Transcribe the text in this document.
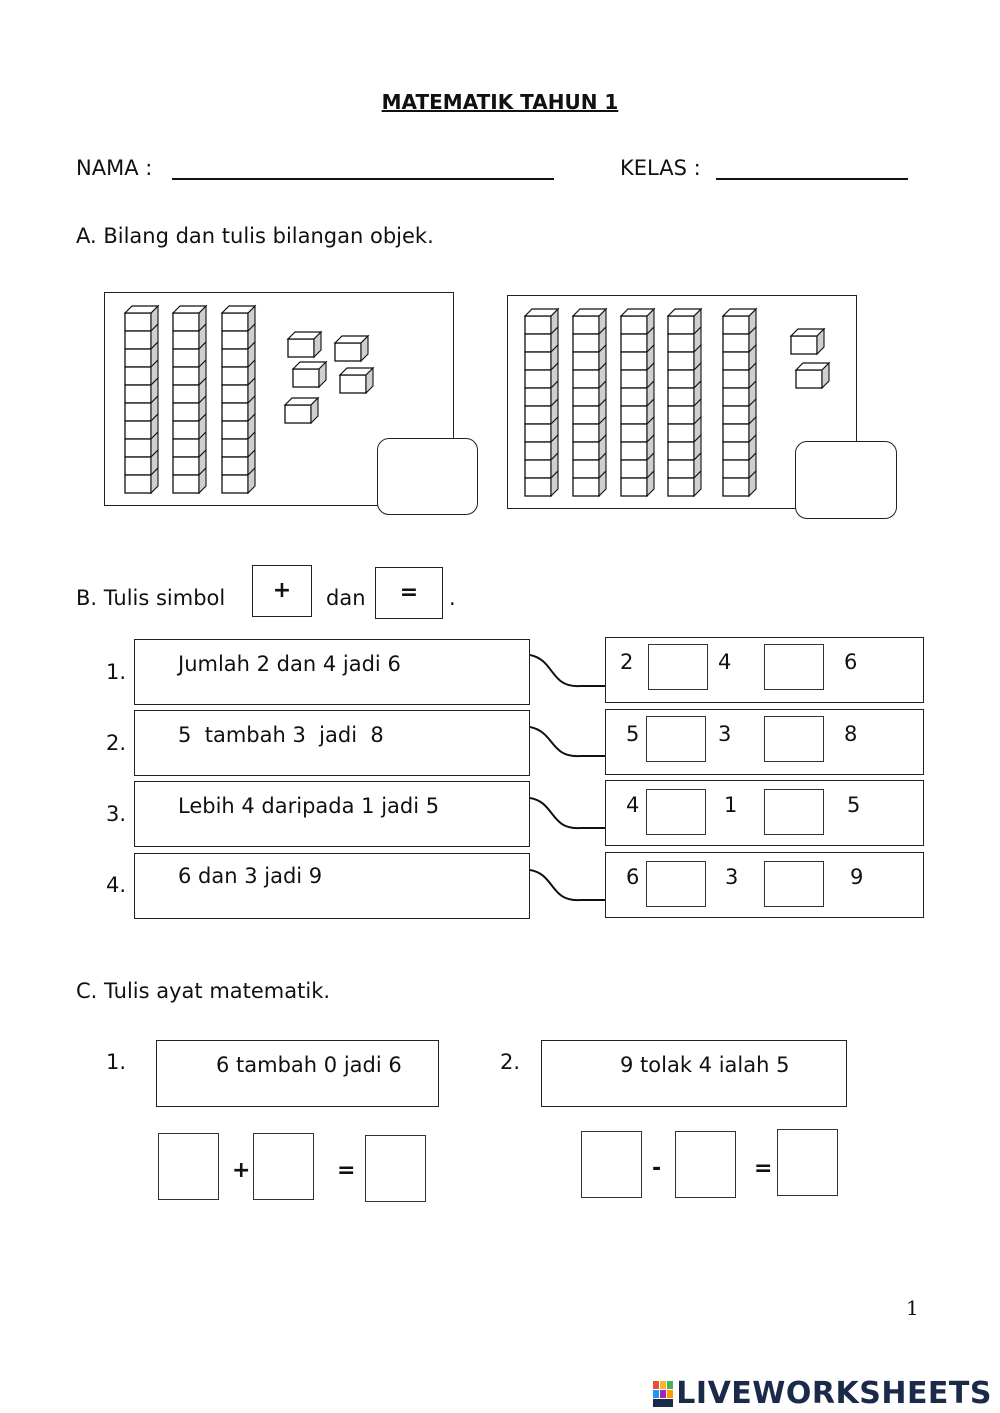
MATEMATIK TAHUN 1
NAMA :	KELAS :
A. Bilang dan tulis bilangan objek.
B. Tulis simbol	+	dan	=	.
1. Jumlah 2 dan 4 jadi 6	2	4	6
2. 5  tambah 3  jadi  8	5	3	8
3. Lebih 4 daripada 1 jadi 5	4	1	5
4. 6 dan 3 jadi 9	6	3	9
C. Tulis ayat matematik.
1.	6 tambah 0 jadi 6
+	=
2.	9 tolak 4 ialah 5
-	=
1
LIVEWORKSHEETS
